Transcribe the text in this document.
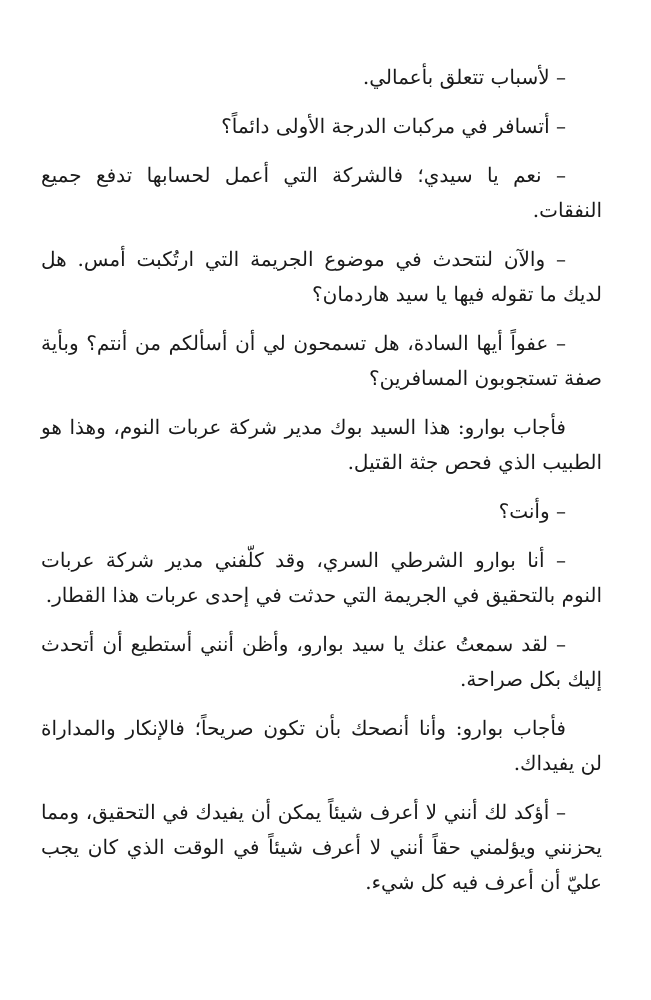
– لأسباب تتعلق بأعمالي.

– أتسافر في مركبات الدرجة الأولى دائماً؟

– نعم يا سيدي؛ فالشركة التي أعمل لحسابها تدفع جميع النفقات.

– والآن لنتحدث في موضوع الجريمة التي ارتُكبت أمس. هل لديك ما تقوله فيها يا سيد هاردمان؟

– عفواً أيها السادة، هل تسمحون لي أن أسألكم من أنتم؟ وبأية صفة تستجوبون المسافرين؟

فأجاب بوارو: هذا السيد بوك مدير شركة عربات النوم، وهذا هو الطبيب الذي فحص جثة القتيل.

– وأنت؟

– أنا بوارو الشرطي السري، وقد كلّفني مدير شركة عربات النوم بالتحقيق في الجريمة التي حدثت في إحدى عربات هذا القطار.

– لقد سمعتُ عنك يا سيد بوارو، وأظن أنني أستطيع أن أتحدث إليك بكل صراحة.

فأجاب بوارو: وأنا أنصحك بأن تكون صريحاً؛ فالإنكار والمداراة لن يفيداك.

– أؤكد لك أنني لا أعرف شيئاً يمكن أن يفيدك في التحقيق، ومما يحزنني ويؤلمني حقاً أنني لا أعرف شيئاً في الوقت الذي كان يجب عليّ أن أعرف فيه كل شيء.
